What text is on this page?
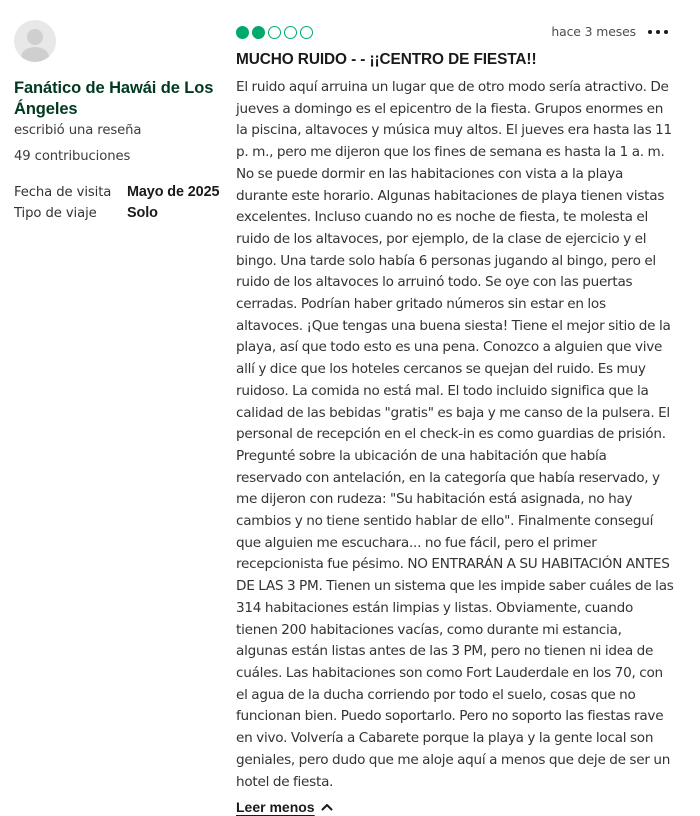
Fanático de Hawái de Los Ángeles

escribió una reseña
49 contribuciones
Fecha de visita	Mayo de 2025
Tipo de viaje	Solo
hace 3 meses
MUCHO RUIDO - - ¡¡CENTRO DE FIESTA!!
El ruido aquí arruina un lugar que de otro modo sería atractivo. De jueves a domingo es el epicentro de la fiesta. Grupos enormes en la piscina, altavoces y música muy altos. El jueves era hasta las 11 p. m., pero me dijeron que los fines de semana es hasta la 1 a. m. No se puede dormir en las habitaciones con vista a la playa durante este horario. Algunas habitaciones de playa tienen vistas excelentes. Incluso cuando no es noche de fiesta, te molesta el ruido de los altavoces, por ejemplo, de la clase de ejercicio y el bingo. Una tarde solo había 6 personas jugando al bingo, pero el ruido de los altavoces lo arruinó todo. Se oye con las puertas cerradas. Podrían haber gritado números sin estar en los altavoces. ¡Que tengas una buena siesta! Tiene el mejor sitio de la playa, así que todo esto es una pena. Conozco a alguien que vive allí y dice que los hoteles cercanos se quejan del ruido. Es muy ruidoso. La comida no está mal. El todo incluido significa que la calidad de las bebidas "gratis" es baja y me canso de la pulsera. El personal de recepción en el check-in es como guardias de prisión. Pregunté sobre la ubicación de una habitación que había reservado con antelación, en la categoría que había reservado, y me dijeron con rudeza: "Su habitación está asignada, no hay cambios y no tiene sentido hablar de ello". Finalmente conseguí que alguien me escuchara... no fue fácil, pero el primer recepcionista fue pésimo. NO ENTRARÁN A SU HABITACIÓN ANTES DE LAS 3 PM. Tienen un sistema que les impide saber cuáles de las 314 habitaciones están limpias y listas. Obviamente, cuando tienen 200 habitaciones vacías, como durante mi estancia, algunas están listas antes de las 3 PM, pero no tienen ni idea de cuáles. Las habitaciones son como Fort Lauderdale en los 70, con el agua de la ducha corriendo por todo el suelo, cosas que no funcionan bien. Puedo soportarlo. Pero no soporto las fiestas rave en vivo. Volvería a Cabarete porque la playa y la gente local son geniales, pero dudo que me aloje aquí a menos que deje de ser un hotel de fiesta.
Leer menos
